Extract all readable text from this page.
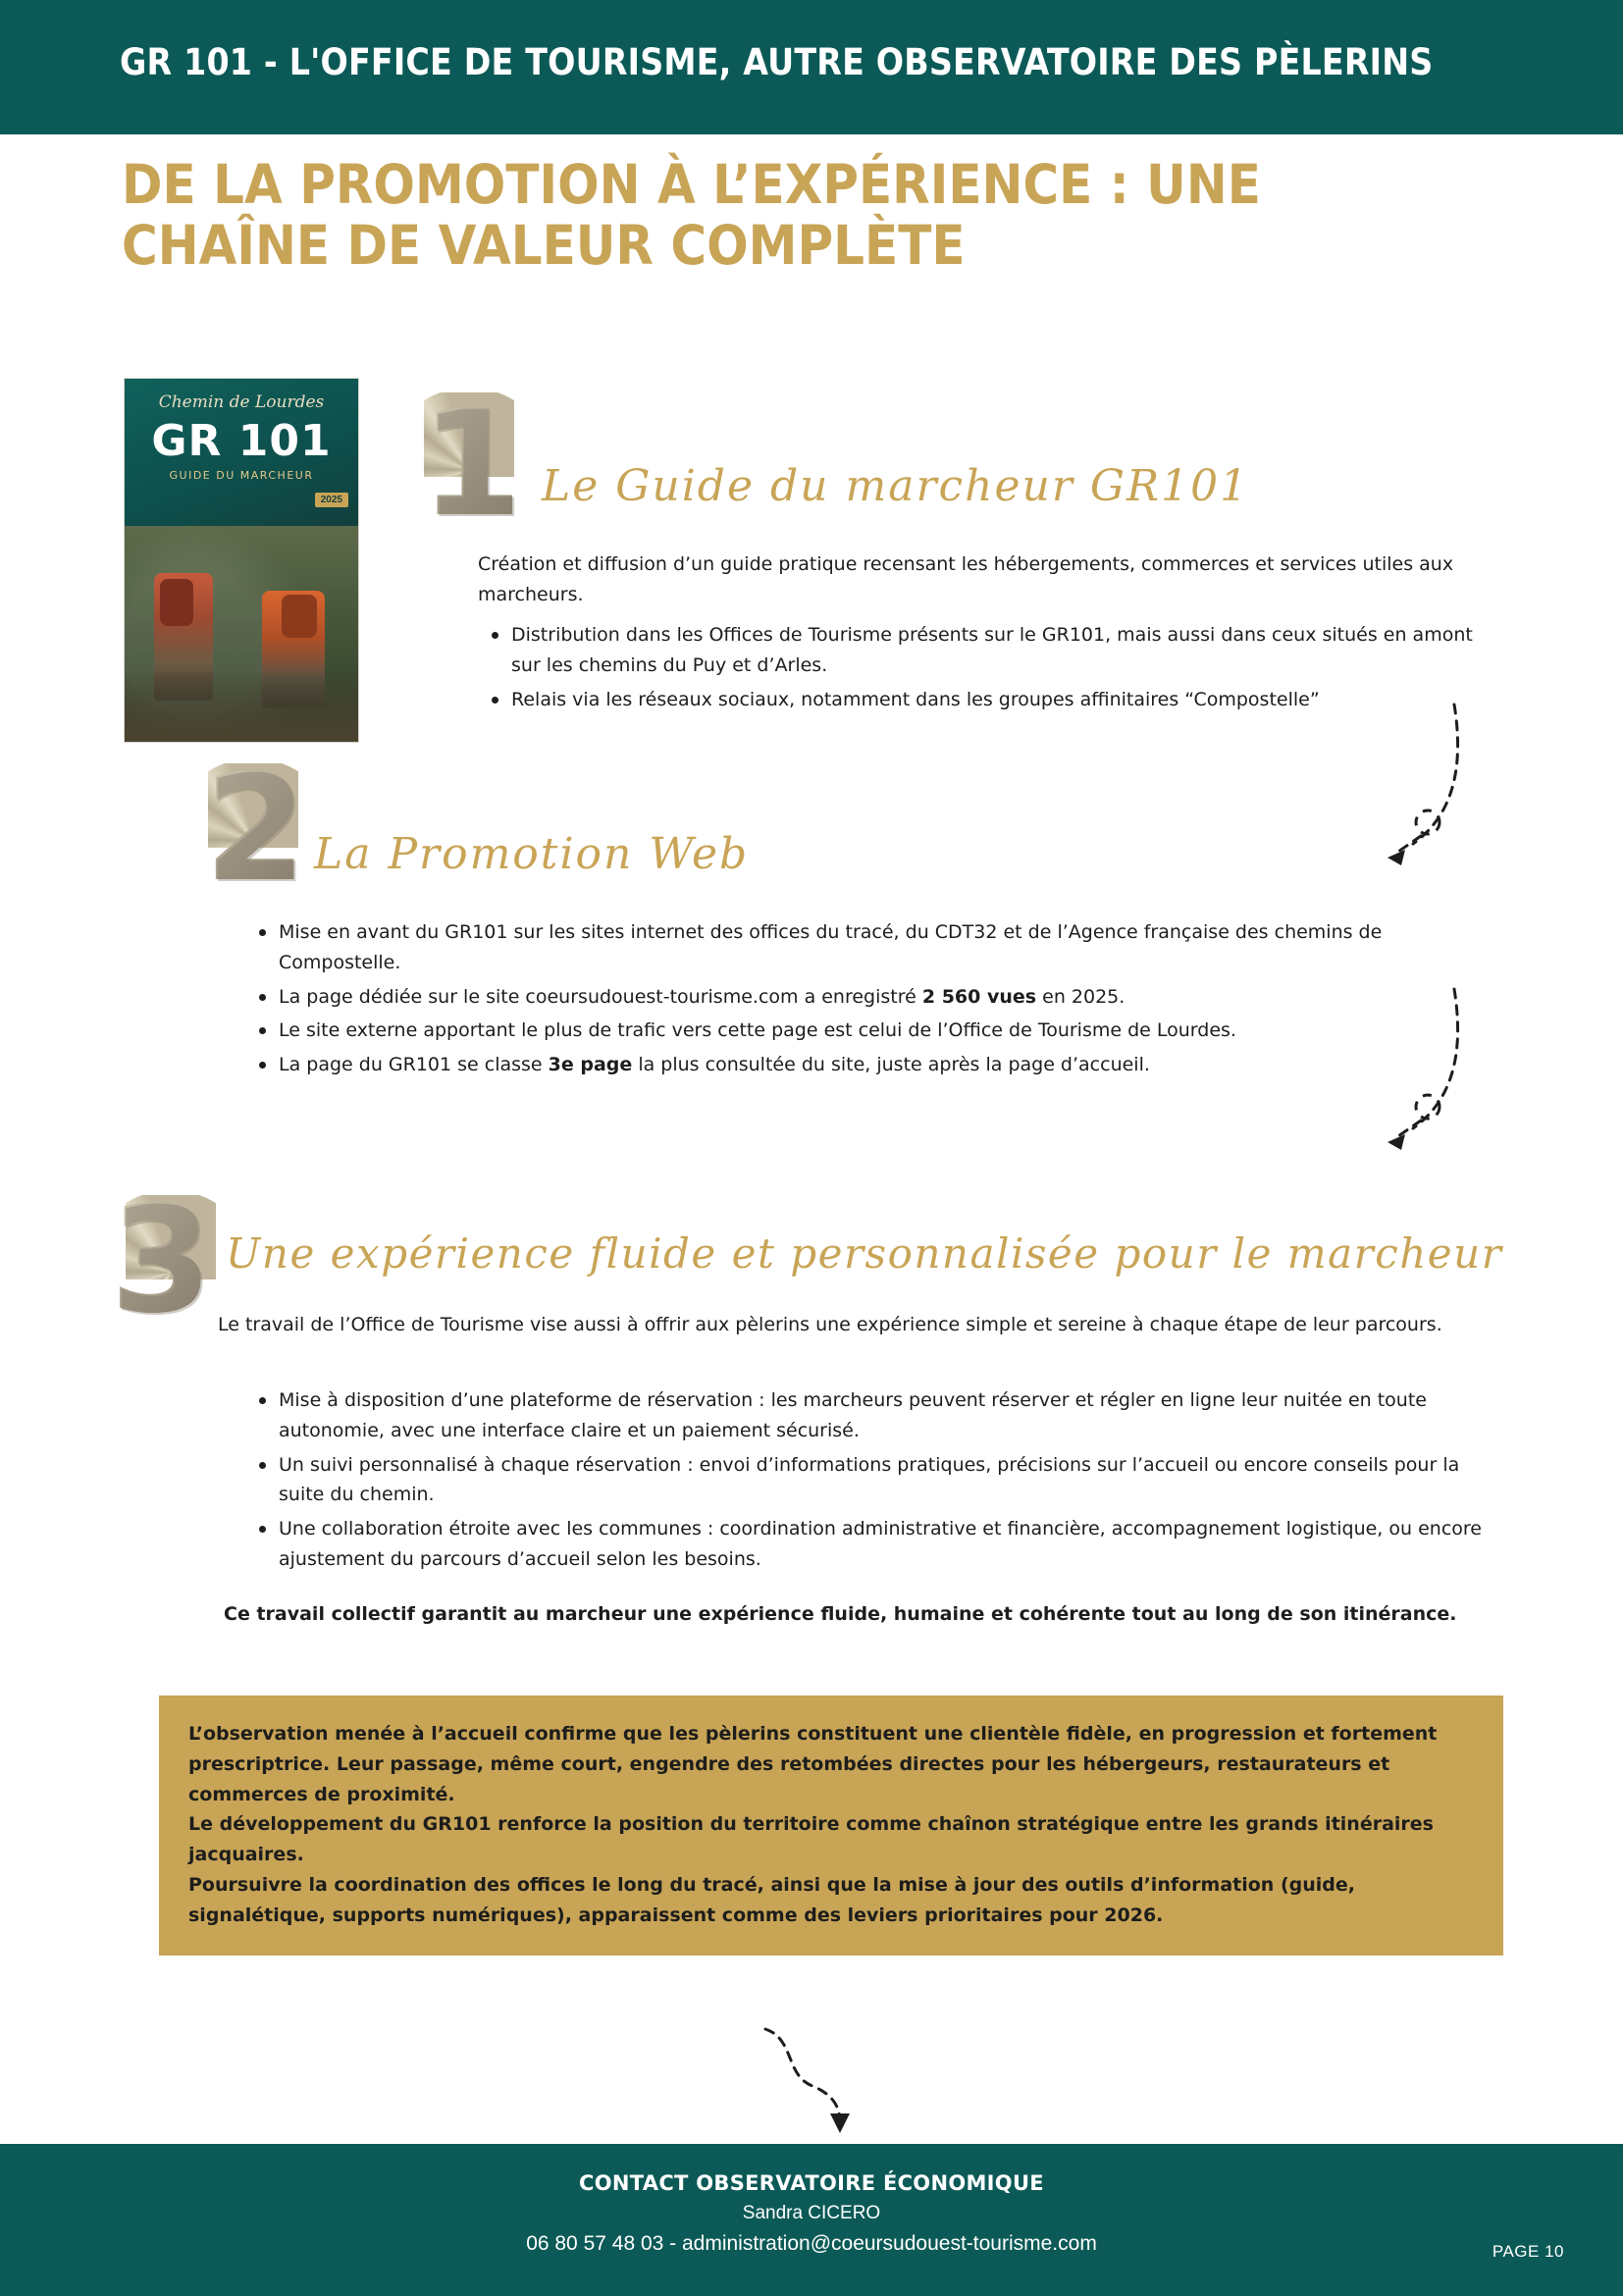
GR 101 - L'OFFICE DE TOURISME, AUTRE OBSERVATOIRE DES PÈLERINS
DE LA PROMOTION À L’EXPÉRIENCE : UNE CHAÎNE DE VALEUR COMPLÈTE
Chemin de Lourdes
GR 101
GUIDE DU MARCHEUR
2025 1 Le Guide du marcheur GR101
Création et diffusion d’un guide pratique recensant les hébergements, commerces et services utiles aux marcheurs.
Distribution dans les Offices de Tourisme présents sur le GR101, mais aussi dans ceux situés en amont sur les chemins du Puy et d’Arles.
Relais via les réseaux sociaux, notamment dans les groupes affinitaires “Compostelle”
2 La Promotion Web
Mise en avant du GR101 sur les sites internet des offices du tracé, du CDT32 et de l’Agence française des chemins de Compostelle.
La page dédiée sur le site coeursudouest-tourisme.com a enregistré 2 560 vues en 2025.
Le site externe apportant le plus de trafic vers cette page est celui de l’Office de Tourisme de Lourdes.
La page du GR101 se classe 3e page la plus consultée du site, juste après la page d’accueil.
3 Une expérience fluide et personnalisée pour le marcheur
Le travail de l’Office de Tourisme vise aussi à offrir aux pèlerins une expérience simple et sereine à chaque étape de leur parcours.
Mise à disposition d’une plateforme de réservation : les marcheurs peuvent réserver et régler en ligne leur nuitée en toute autonomie, avec une interface claire et un paiement sécurisé.
Un suivi personnalisé à chaque réservation : envoi d’informations pratiques, précisions sur l’accueil ou encore conseils pour la suite du chemin.
Une collaboration étroite avec les communes : coordination administrative et financière, accompagnement logistique, ou encore ajustement du parcours d’accueil selon les besoins.
Ce travail collectif garantit au marcheur une expérience fluide, humaine et cohérente tout au long de son itinérance.

L’observation menée à l’accueil confirme que les pèlerins constituent une clientèle fidèle, en progression et fortement prescriptrice. Leur passage, même court, engendre des retombées directes pour les hébergeurs, restaurateurs et commerces de proximité.

Le développement du GR101 renforce la position du territoire comme chaînon stratégique entre les grands itinéraires jacquaires.

Poursuivre la coordination des offices le long du tracé, ainsi que la mise à jour des outils d’information (guide, signalétique, supports numériques), apparaissent comme des leviers prioritaires pour 2026.

CONTACT OBSERVATOIRE ÉCONOMIQUE
Sandra CICERO
06 80 57 48 03 - administration@coeursudouest-tourisme.com	PAGE 10
